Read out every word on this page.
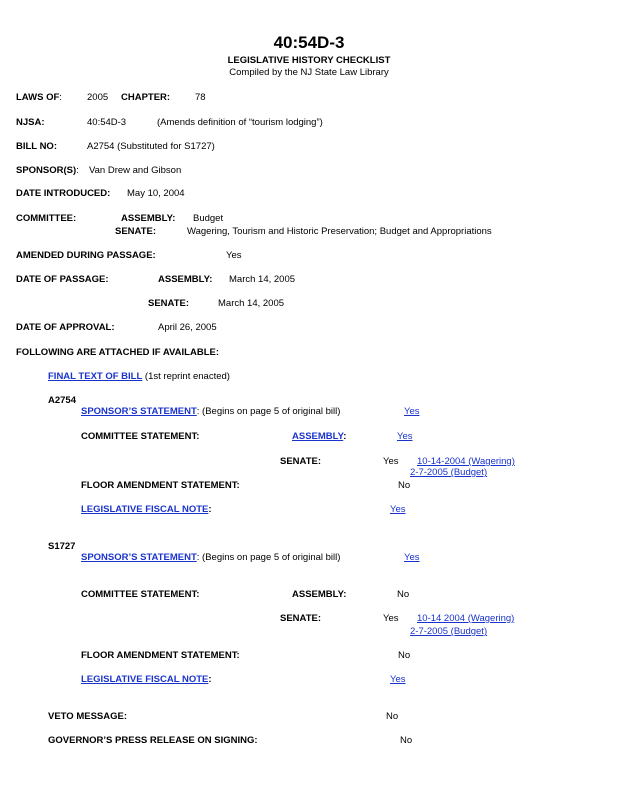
40:54D-3
LEGISLATIVE HISTORY CHECKLIST
Compiled by the NJ State Law Library
LAWS OF:	2005 CHAPTER:	78
NJSA:	40:54D-3	(Amends definition of “tourism lodging”)
BILL NO:	A2754 (Substituted for S1727)
SPONSOR(S): Van Drew and Gibson
DATE INTRODUCED: May 10, 2004
COMMITTEE:	ASSEMBLY: Budget
SENATE:	Wagering, Tourism and Historic Preservation; Budget and Appropriations
AMENDED DURING PASSAGE:	Yes
DATE OF PASSAGE:	ASSEMBLY: March 14, 2005
SENATE:	March 14, 2005
DATE OF APPROVAL:	April 26, 2005
FOLLOWING ARE ATTACHED IF AVAILABLE:
FINAL TEXT OF BILL (1st reprint enacted)
A2754
SPONSOR’S STATEMENT: (Begins on page 5 of original bill)	Yes
COMMITTEE STATEMENT:	ASSEMBLY:	Yes
SENATE:	Yes 10-14-2004 (Wagering)
2-7-2005 (Budget)
FLOOR AMENDMENT STATEMENT:	No
LEGISLATIVE FISCAL NOTE:	Yes
S1727
SPONSOR’S STATEMENT: (Begins on page 5 of original bill)	Yes
COMMITTEE STATEMENT:	ASSEMBLY:	No
SENATE:	Yes 10-14 2004 (Wagering)
2-7-2005 (Budget)
FLOOR AMENDMENT STATEMENT:	No
LEGISLATIVE FISCAL NOTE:	Yes
VETO MESSAGE:	No
GOVERNOR’S PRESS RELEASE ON SIGNING:	No
